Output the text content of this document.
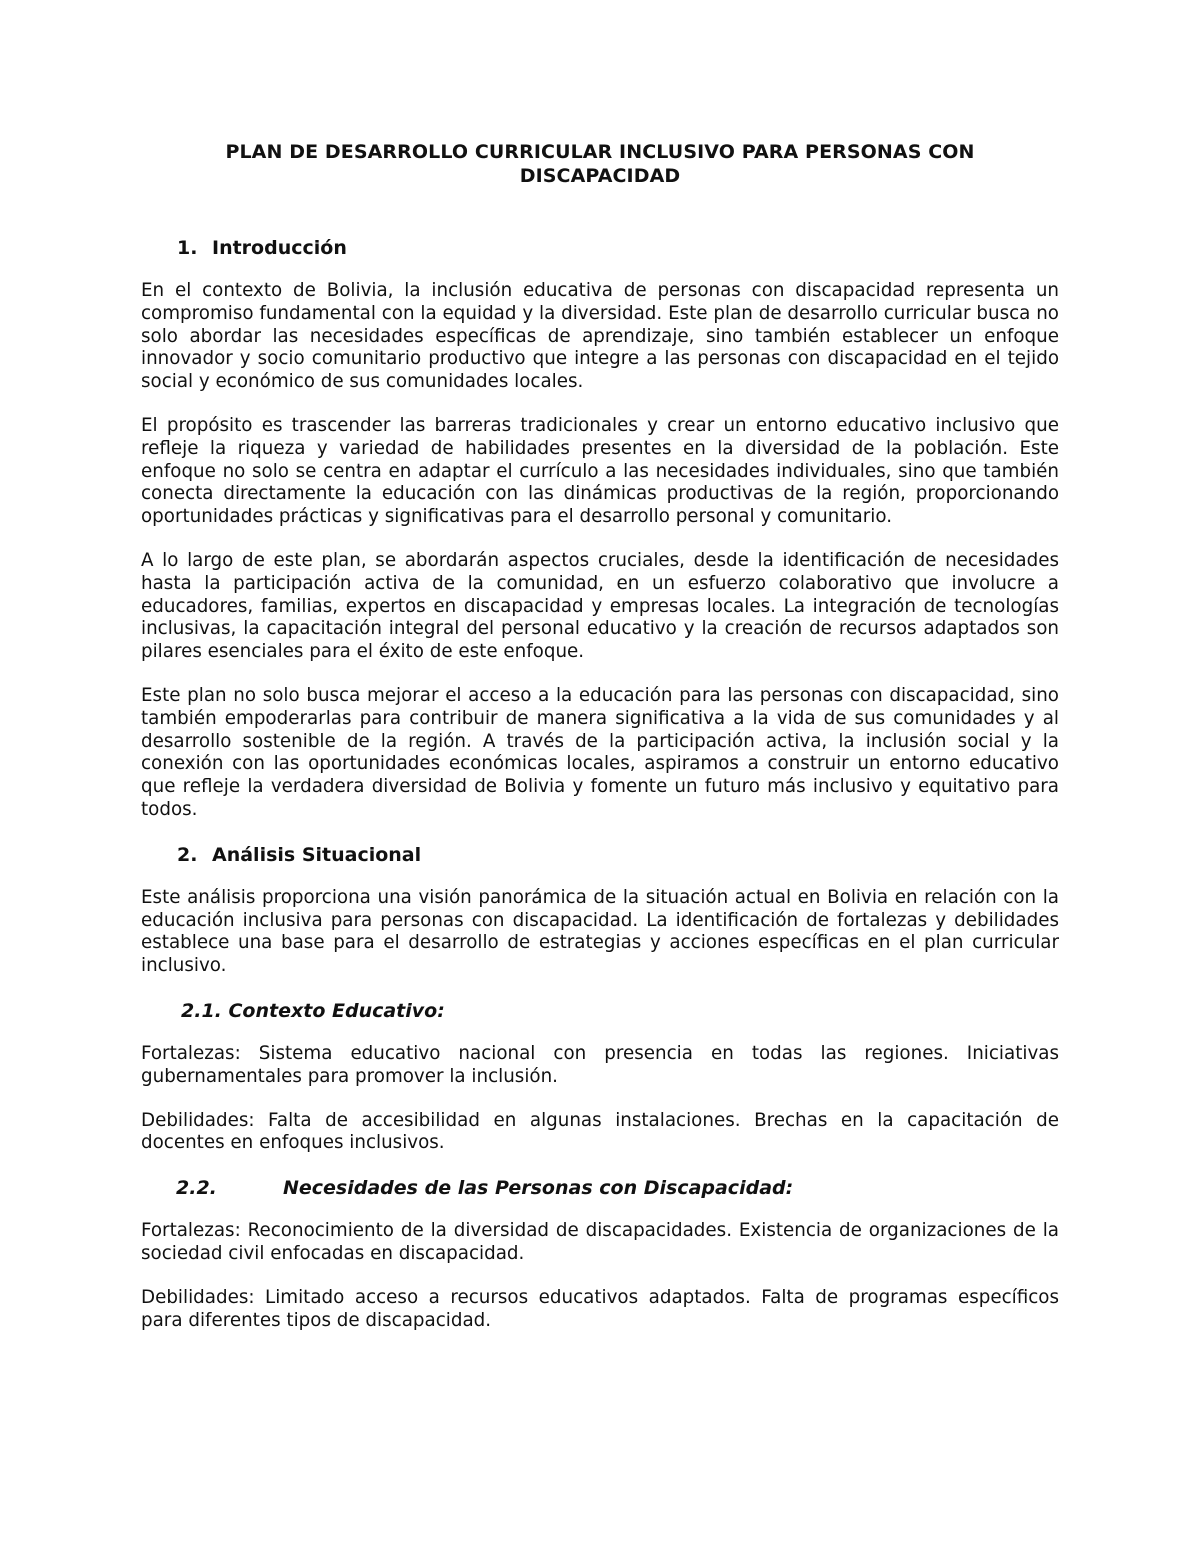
PLAN DE DESARROLLO CURRICULAR INCLUSIVO PARA PERSONAS CON
DISCAPACIDAD
1. Introducción

En el contexto de Bolivia, la inclusión educativa de personas con discapacidad representa un compromiso fundamental con la equidad y la diversidad. Este plan de desarrollo curricular busca no solo abordar las necesidades específicas de aprendizaje, sino también establecer un enfoque innovador y socio comunitario productivo que integre a las personas con discapacidad en el tejido social y económico de sus comunidades locales.

El propósito es trascender las barreras tradicionales y crear un entorno educativo inclusivo que refleje la riqueza y variedad de habilidades presentes en la diversidad de la población. Este enfoque no solo se centra en adaptar el currículo a las necesidades individuales, sino que también conecta directamente la educación con las dinámicas productivas de la región, proporcionando oportunidades prácticas y significativas para el desarrollo personal y comunitario.

A lo largo de este plan, se abordarán aspectos cruciales, desde la identificación de necesidades hasta la participación activa de la comunidad, en un esfuerzo colaborativo que involucre a educadores, familias, expertos en discapacidad y empresas locales. La integración de tecnologías inclusivas, la capacitación integral del personal educativo y la creación de recursos adaptados son pilares esenciales para el éxito de este enfoque.

Este plan no solo busca mejorar el acceso a la educación para las personas con discapacidad, sino también empoderarlas para contribuir de manera significativa a la vida de sus comunidades y al desarrollo sostenible de la región. A través de la participación activa, la inclusión social y la conexión con las oportunidades económicas locales, aspiramos a construir un entorno educativo que refleje la verdadera diversidad de Bolivia y fomente un futuro más inclusivo y equitativo para todos.

2. Análisis Situacional

Este análisis proporciona una visión panorámica de la situación actual en Bolivia en relación con la educación inclusiva para personas con discapacidad. La identificación de fortalezas y debilidades establece una base para el desarrollo de estrategias y acciones específicas en el plan curricular inclusivo.

2.1. Contexto Educativo:

Fortalezas: Sistema educativo nacional con presencia en todas las regiones. Iniciativas gubernamentales para promover la inclusión.

Debilidades: Falta de accesibilidad en algunas instalaciones. Brechas en la capacitación de docentes en enfoques inclusivos.

2.2.	Necesidades de las Personas con Discapacidad:

Fortalezas: Reconocimiento de la diversidad de discapacidades. Existencia de organizaciones de la sociedad civil enfocadas en discapacidad.

Debilidades: Limitado acceso a recursos educativos adaptados. Falta de programas específicos para diferentes tipos de discapacidad.
